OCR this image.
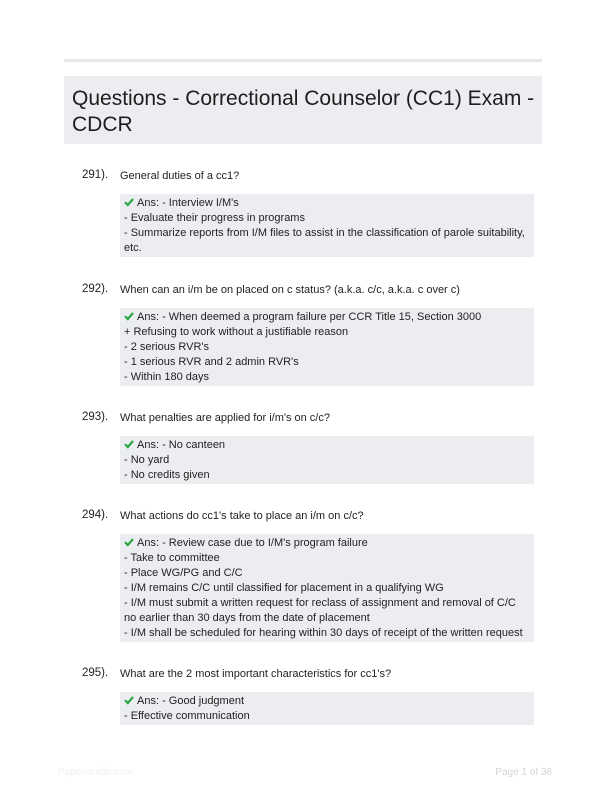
Questions - Correctional Counselor (CC1) Exam - CDCR
291). General duties of a cc1?
Ans: - Interview I/M's
- Evaluate their progress in programs
- Summarize reports from I/M files to assist in the classification of parole suitability, etc.
292). When can an i/m be on placed on c status? (a.k.a. c/c, a.k.a. c over c)
Ans: - When deemed a program failure per CCR Title 15, Section 3000
+ Refusing to work without a justifiable reason
- 2 serious RVR's
- 1 serious RVR and 2 admin RVR's
- Within 180 days
293). What penalties are applied for i/m's on c/c?
Ans: - No canteen
- No yard
- No credits given
294). What actions do cc1's take to place an i/m on c/c?
Ans: - Review case due to I/M's program failure
- Take to committee
- Place WG/PG and C/C
- I/M remains C/C until classified for placement in a qualifying WG
- I/M must submit a written request for reclass of assignment and removal of C/C no earlier than 30 days from the date of placement
- I/M shall be scheduled for hearing within 30 days of receipt of the written request
295). What are the 2 most important characteristics for cc1's?
Ans: - Good judgment
- Effective communication
Paperstudio.com	Page 1 of 36
